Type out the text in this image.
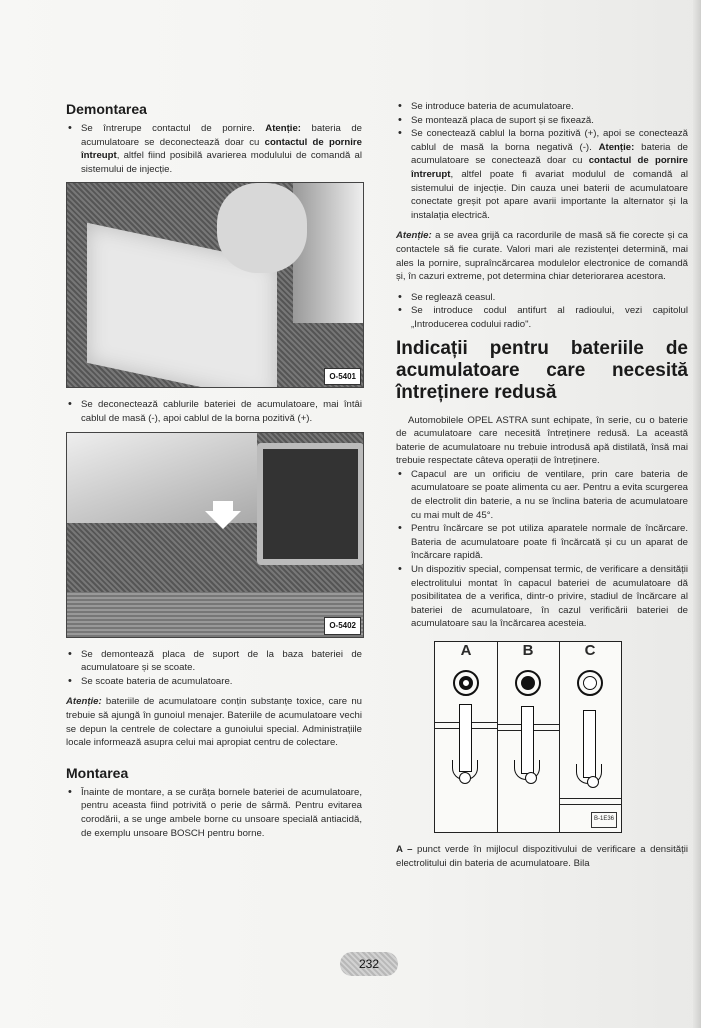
Demontarea
• Se întrerupe contactul de pornire. Atenție: bateria de acumulatoare se deconectează doar cu contactul de pornire întreupt, altfel fiind posibilă avarierea modulului de comandă al sistemului de injecție.
O-5401
• Se deconectează cablurile bateriei de acumulatoare, mai întâi cablul de masă (-), apoi cablul de la borna pozitivă (+).
O-5402
• Se demontează placa de suport de la baza bateriei de acumulatoare și se scoate.
• Se scoate bateria de acumulatoare.

Atenție: bateriile de acumulatoare conțin substanțe toxice, care nu trebuie să ajungă în gunoiul menajer. Bateriile de acumulatoare vechi se depun la centrele de colectare a gunoiului special. Administrațiile locale informează asupra celui mai apropiat centru de colectare.

Montarea
• Înainte de montare, a se curăța bornele bateriei de acumulatoare, pentru aceasta fiind potrivită o perie de sârmă. Pentru evitarea corodării, a se unge ambele borne cu unsoare specială antiacidă, de exemplu unsoare BOSCH pentru borne.
• Se introduce bateria de acumulatoare.
• Se montează placa de suport și se fixează.
• Se conectează cablul la borna pozitivă (+), apoi se conectează cablul de masă la borna negativă (-). Atenție: bateria de acumulatoare se conectează doar cu contactul de pornire întrerupt, altfel poate fi avariat modulul de comandă al sistemului de injecție. Din cauza unei baterii de acumulatoare conectate greșit pot apare avarii importante la alternator și la instalația electrică.

Atenție: a se avea grijă ca racordurile de masă să fie corecte și ca contactele să fie curate. Valori mari ale rezistenței determină, mai ales la pornire, supraîncărcarea modulelor electronice de comandă și, în cazuri extreme, pot determina chiar deteriorarea acestora.

• Se reglează ceasul.
• Se introduce codul antifurt al radioului, vezi capitolul „Introducerea codului radio".
Indicații pentru bateriile de acumulatoare care necesită întreținere redusă

Automobilele OPEL ASTRA sunt echipate, în serie, cu o baterie de acumulatoare care necesită întreținere redusă. La această baterie de acumulatoare nu trebuie introdusă apă distilată, însă mai trebuie respectate câteva operații de întreținere.

• Capacul are un orificiu de ventilare, prin care bateria de acumulatoare se poate alimenta cu aer. Pentru a evita scurgerea de electrolit din baterie, a nu se înclina bateria de acumulatoare cu mai mult de 45°.
• Pentru încărcare se pot utiliza aparatele normale de încărcare. Bateria de acumulatoare poate fi încărcată și cu un aparat de încărcare rapidă.
• Un dispozitiv special, compensat termic, de verificare a densității electrolitului montat în capacul bateriei de acumulatoare dă posibilitatea de a verifica, dintr-o privire, stadiul de încărcare al bateriei de acumulatoare, în cazul verificării bateriei de acumulatoare sau la încărcarea acesteia.
A	B	C
B-1E36

A – punct verde în mijlocul dispozitivului de verificare a densității electrolitului din bateria de acumulatoare. Bila

232
